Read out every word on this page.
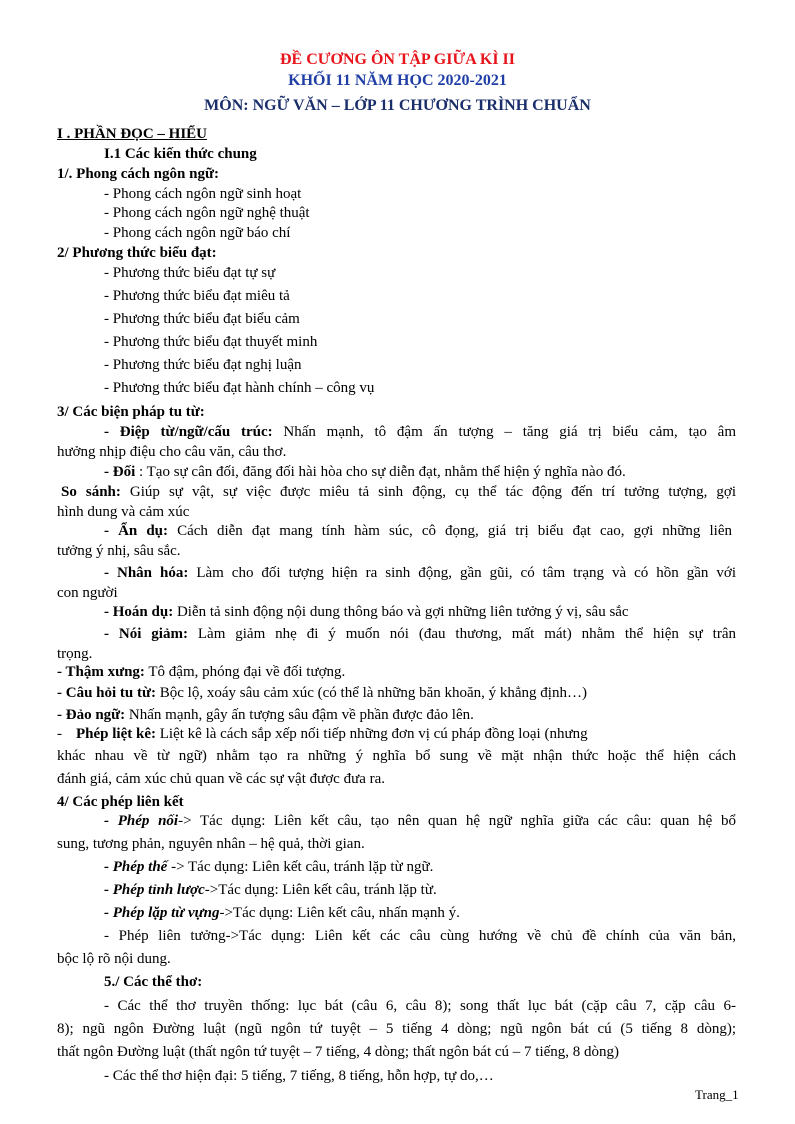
ĐỀ CƯƠNG ÔN TẬP GIỮA KÌ II
KHỐI 11 NĂM HỌC 2020-2021
MÔN: NGỮ VĂN – LỚP 11 CHƯƠNG TRÌNH CHUẨN
I . PHẦN ĐỌC – HIỂU
I.1 Các kiến thức chung
1/. Phong cách ngôn ngữ:
- Phong cách ngôn ngữ sinh hoạt
- Phong cách ngôn ngữ nghệ thuật
- Phong cách ngôn ngữ báo chí
2/ Phương thức biểu đạt:
- Phương thức biểu đạt tự sự
- Phương thức biểu đạt miêu tả
- Phương thức biểu đạt biểu cảm
- Phương thức biểu đạt thuyết minh
- Phương thức biểu đạt nghị luận
- Phương thức biểu đạt hành chính – công vụ
3/ Các biện pháp tu từ:
- Điệp từ/ngữ/cấu trúc: Nhấn mạnh, tô đậm ấn tượng – tăng giá trị biểu cảm, tạo âm
hưởng nhịp điệu cho câu văn, câu thơ.
- Đối : Tạo sự cân đối, đăng đối hài hòa cho sự diễn đạt, nhằm thể hiện ý nghĩa nào đó.
So sánh: Giúp sự vật, sự việc được miêu tả sinh động, cụ thể tác động đến trí tưởng tượng, gợi
hình dung và cảm xúc
- Ẩn dụ: Cách diễn đạt mang tính hàm súc, cô đọng, giá trị biểu đạt cao, gợi những liên
tưởng ý nhị, sâu sắc.
- Nhân hóa: Làm cho đối tượng hiện ra sinh động, gần gũi, có tâm trạng và có hồn gần với
con người
- Hoán dụ: Diễn tả sinh động nội dung thông báo và gợi những liên tưởng ý vị, sâu sắc
- Nói giảm: Làm giảm nhẹ đi ý muốn nói (đau thương, mất mát) nhằm thể hiện sự trân
trọng.
- Thậm xưng: Tô đậm, phóng đại về đối tượng.
- Câu hỏi tu từ: Bộc lộ, xoáy sâu cảm xúc (có thể là những băn khoăn, ý khẳng định…)
- Đảo ngữ: Nhấn mạnh, gây ấn tượng sâu đậm về phần được đảo lên.
- Phép liệt kê: Liệt kê là cách sắp xếp nối tiếp những đơn vị cú pháp đồng loại (nhưng
khác nhau về từ ngữ) nhằm tạo ra những ý nghĩa bổ sung về mặt nhận thức hoặc thể hiện cách
đánh giá, cảm xúc chủ quan về các sự vật được đưa ra.
4/ Các phép liên kết
- Phép nối-> Tác dụng: Liên kết câu, tạo nên quan hệ ngữ nghĩa giữa các câu: quan hệ bổ
sung, tương phản, nguyên nhân – hệ quả, thời gian.
- Phép thế -> Tác dụng: Liên kết câu, tránh lặp từ ngữ.
- Phép tỉnh lược->Tác dụng: Liên kết câu, tránh lặp từ.
- Phép lặp từ vựng->Tác dụng: Liên kết câu, nhấn mạnh ý.
- Phép liên tưởng->Tác dụng: Liên kết các câu cùng hướng về chủ đề chính của văn bản,
bộc lộ rõ nội dung.
5./ Các thể thơ:
- Các thể thơ truyền thống: lục bát (câu 6, câu 8); song thất lục bát (cặp câu 7, cặp câu 6-
8); ngũ ngôn Đường luật (ngũ ngôn tứ tuyệt – 5 tiếng 4 dòng; ngũ ngôn bát cú (5 tiếng 8 dòng);
thất ngôn Đường luật (thất ngôn tứ tuyệt – 7 tiếng, 4 dòng; thất ngôn bát cú – 7 tiếng, 8 dòng)
- Các thể thơ hiện đại: 5 tiếng, 7 tiếng, 8 tiếng, hỗn hợp, tự do,…
Trang_1
